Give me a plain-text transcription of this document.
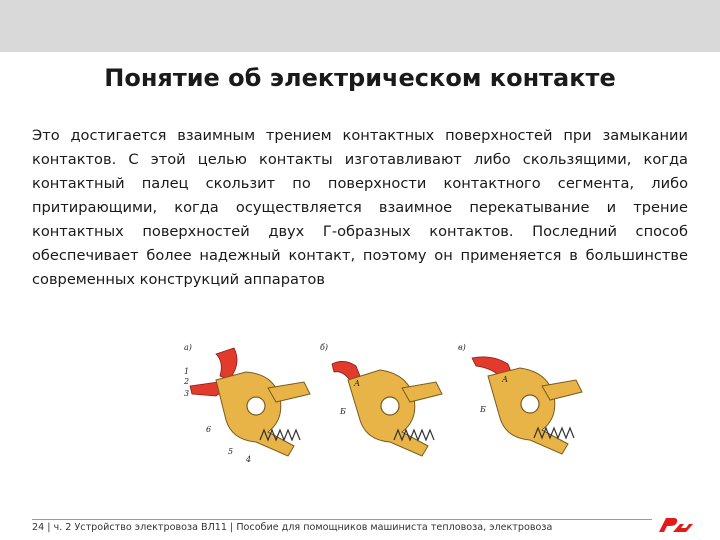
Понятие об электрическом контакте

Это достигается взаимным трением контактных поверхностей при замыкании контактов. С этой целью контакты изготавливают либо скользящими, когда контактный палец скользит по поверхности контактного сегмента, либо притирающими, когда осуществляется взаимное перекатывание и трение контактных поверхностей двух Г-образных контактов. Последний способ обеспечивает более надежный контакт, поэтому он применяется в большинстве современных конструкций аппаратов

а)
1
2
3
4
5
6
б)
А
Б
в)
А
Б
24 | ч. 2 Устройство электровоза ВЛ11 | Пособие для помощников машиниста тепловоза, электровоза
